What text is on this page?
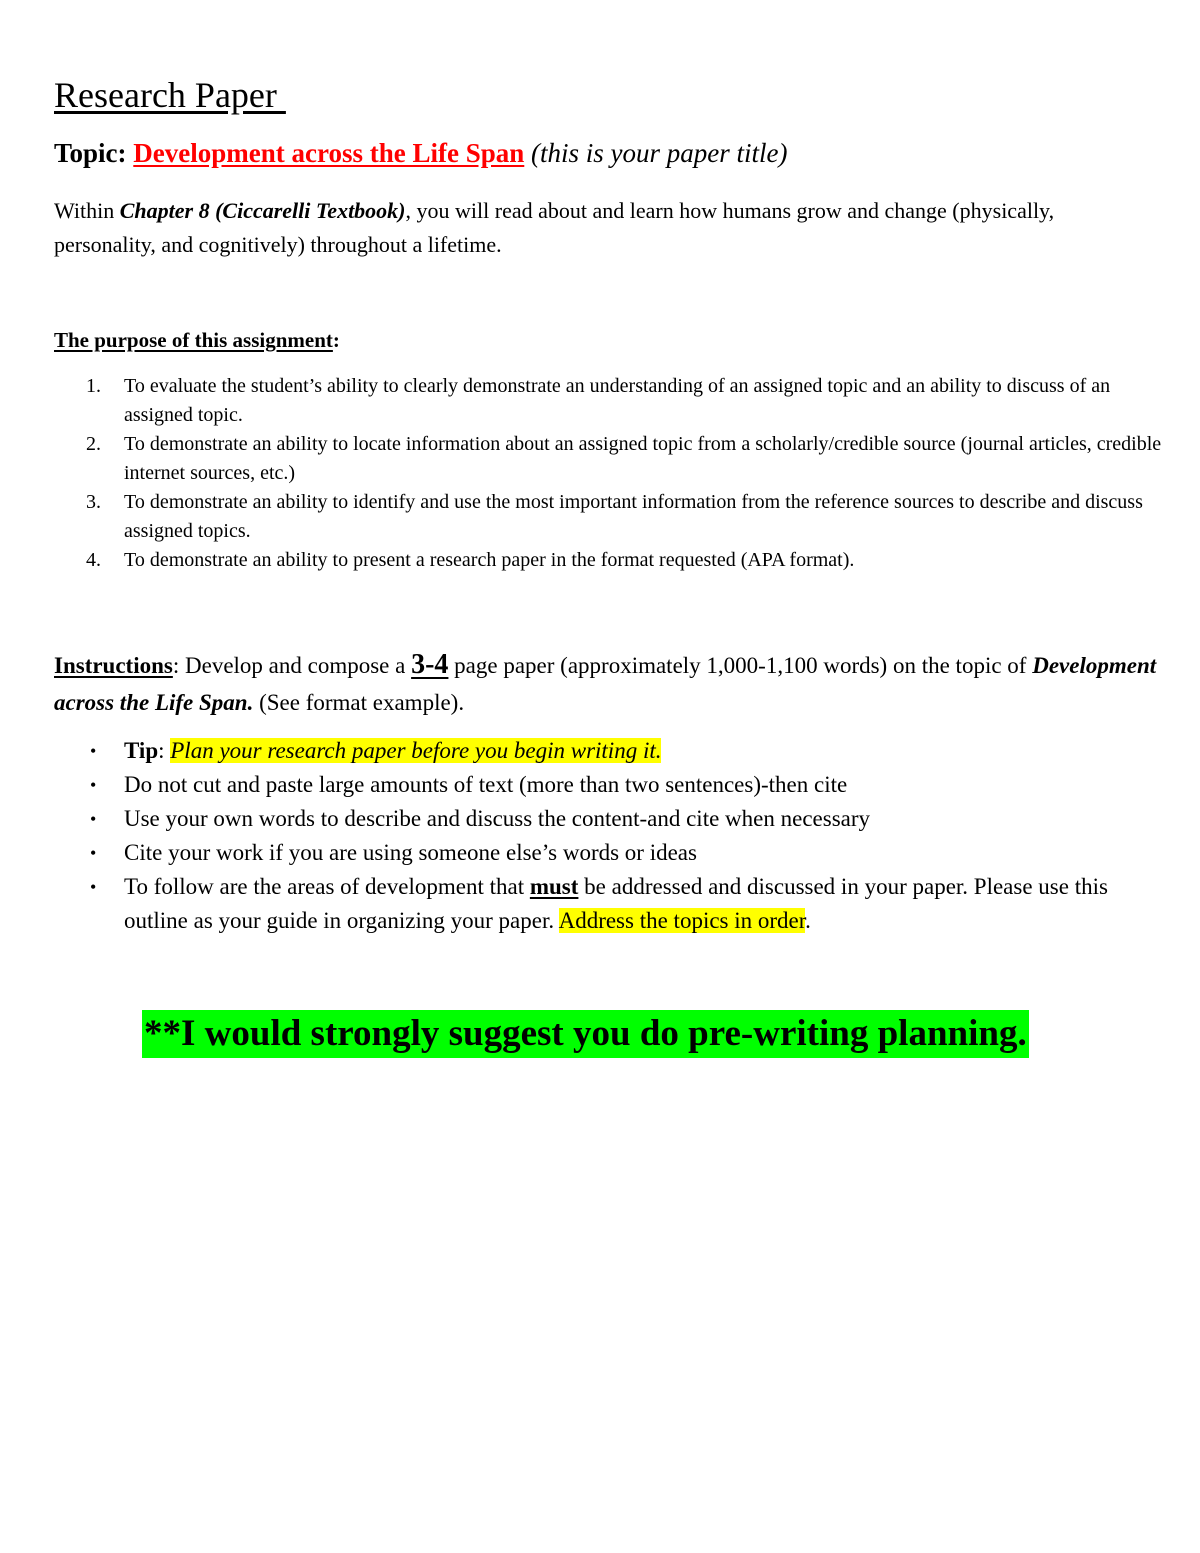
Research Paper
Topic: Development across the Life Span (this is your paper title)
Within Chapter 8 (Ciccarelli Textbook), you will read about and learn how humans grow and change (physically, personality, and cognitively) throughout a lifetime.
The purpose of this assignment:
1. To evaluate the student’s ability to clearly demonstrate an understanding of an assigned topic and an ability to discuss of an assigned topic.
2. To demonstrate an ability to locate information about an assigned topic from a scholarly/credible source (journal articles, credible internet sources, etc.)
3. To demonstrate an ability to identify and use the most important information from the reference sources to describe and discuss assigned topics.
4. To demonstrate an ability to present a research paper in the format requested (APA format).
Instructions: Develop and compose a 3-4 page paper (approximately 1,000-1,100 words) on the topic of Development across the Life Span. (See format example).
• Tip: Plan your research paper before you begin writing it.
• Do not cut and paste large amounts of text (more than two sentences)-then cite
• Use your own words to describe and discuss the content-and cite when necessary
• Cite your work if you are using someone else’s words or ideas
• To follow are the areas of development that must be addressed and discussed in your paper. Please use this outline as your guide in organizing your paper. Address the topics in order.
**I would strongly suggest you do pre-writing planning.
